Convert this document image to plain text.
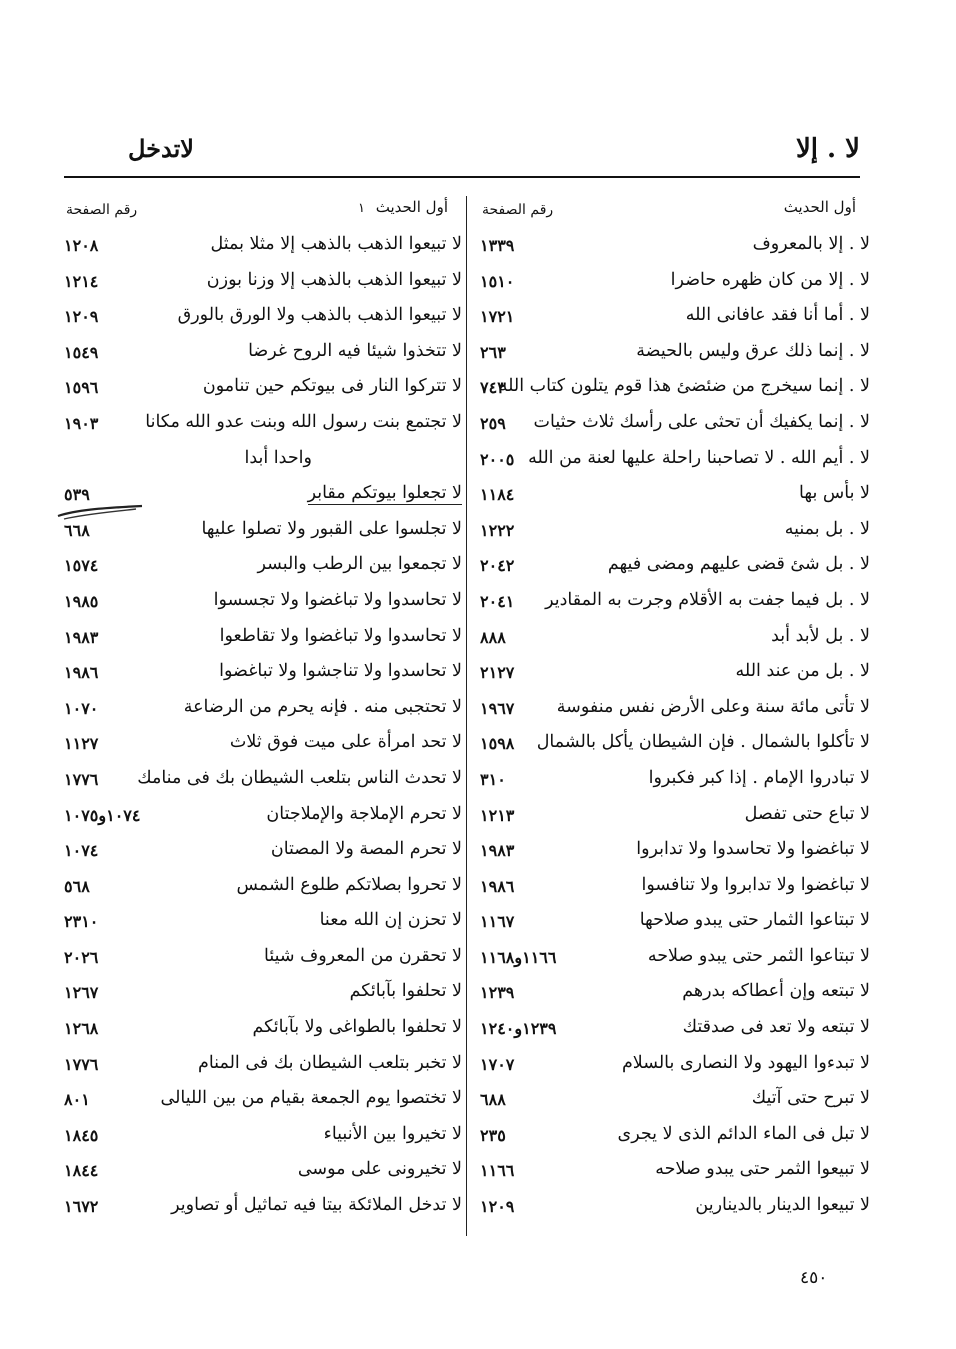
لا . إلا
لاتدخل
أول الحديث
رقم الصفحة
لا . إلا بالمعروف
١٣٣٩
لا . إلا من كان ظهره حاضرا
١٥١٠
لا . أما أنا فقد عافانى الله
١٧٢١
لا . إنما ذلك عرق وليس بالحيضة
٢٦٣
لا . إنما سيخرج من ضئضئ هذا قوم يتلون كتاب الله
٧٤٣
لا . إنما يكفيك أن تحثى على رأسك ثلاث حثيات
٢٥٩
لا . أيم الله . لا تصاحبنا راحلة عليها لعنة من الله
٢٠٠٥
لا بأس بها
١١٨٤
لا . بل بمنيه
١٢٢٢
لا . بل شئ قضى عليهم ومضى فيهم
٢٠٤٢
لا . بل فيما جفت به الأقلام وجرت به المقادير
٢٠٤١
لا . بل لأبد أبد
٨٨٨
لا . بل من عند الله
٢١٢٧
لا تأتى مائة سنة وعلى الأرض نفس منفوسة
١٩٦٧
لا تأكلوا بالشمال . فإن الشيطان يأكل بالشمال
١٥٩٨
لا تبادروا الإمام . إذا كبر فكبروا
٣١٠
لا تباع حتى تفصل
١٢١٣
لا تباغضوا ولا تحاسدوا ولا تدابروا
١٩٨٣
لا تباغضوا ولا تدابروا ولا تنافسوا
١٩٨٦
لا تبتاعوا الثمار حتى يبدو صلاحها
١١٦٧
لا تبتاعوا الثمر حتى يبدو صلاحه
١١٦٦و١١٦٨
لا تبتعه وإن أعطاكه بدرهم
١٢٣٩
لا تبتعه ولا تعد فى صدقتك
١٢٣٩و١٢٤٠
لا تبدءوا اليهود ولا النصارى بالسلام
١٧٠٧
لا تبرح حتى آتيك
٦٨٨
لا تبل فى الماء الدائم الذى لا يجرى
٢٣٥
لا تبيعوا الثمر حتى يبدو صلاحه
١١٦٦
لا تبيعوا الدينار بالدينارين
١٢٠٩
أول الحديث ١
رقم الصفحة
لا تبيعوا الذهب بالذهب إلا مثلا بمثل
١٢٠٨
لا تبيعوا الذهب بالذهب إلا وزنا بوزن
١٢١٤
لا تبيعوا الذهب بالذهب ولا الورق بالورق
١٢٠٩
لا تتخذوا شيئا فيه الروح غرضا
١٥٤٩
لا تتركوا النار فى بيوتكم حين تنامون
١٥٩٦
لا تجتمع بنت رسول الله وبنت عدو الله مكانا
١٩٠٣
واحدا أبدا
لا تجعلوا بيوتكم مقابر
٥٣٩
لا تجلسوا على القبور ولا تصلوا عليها
٦٦٨
لا تجمعوا بين الرطب والبسر
١٥٧٤
لا تحاسدوا ولا تباغضوا ولا تجسسوا
١٩٨٥
لا تحاسدوا ولا تباغضوا ولا تقاطعوا
١٩٨٣
لا تحاسدوا ولا تناجشوا ولا تباغضوا
١٩٨٦
لا تحتجبى منه . فإنه يحرم من الرضاعة
١٠٧٠
لا تحد امرأة على ميت فوق ثلاث
١١٢٧
لا تحدث الناس بتلعب الشيطان بك فى منامك
١٧٧٦
لا تحرم الإملاجة والإملاجتان
١٠٧٤و١٠٧٥
لا تحرم المصة ولا المصتان
١٠٧٤
لا تحروا بصلاتكم طلوع الشمس
٥٦٨
لا تحزن إن الله معنا
٢٣١٠
لا تحقرن من المعروف شيئا
٢٠٢٦
لا تحلفوا بآبائكم
١٢٦٧
لا تحلفوا بالطواغى ولا بآبائكم
١٢٦٨
لا تخبر بتلعب الشيطان بك فى المنام
١٧٧٦
لا تختصوا يوم الجمعة بقيام من بين الليالى
٨٠١
لا تخيروا بين الأنبياء
١٨٤٥
لا تخيرونى على موسى
١٨٤٤
لا تدخل الملائكة بيتا فيه تماثيل أو تصاوير
١٦٧٢
٤٥٠
